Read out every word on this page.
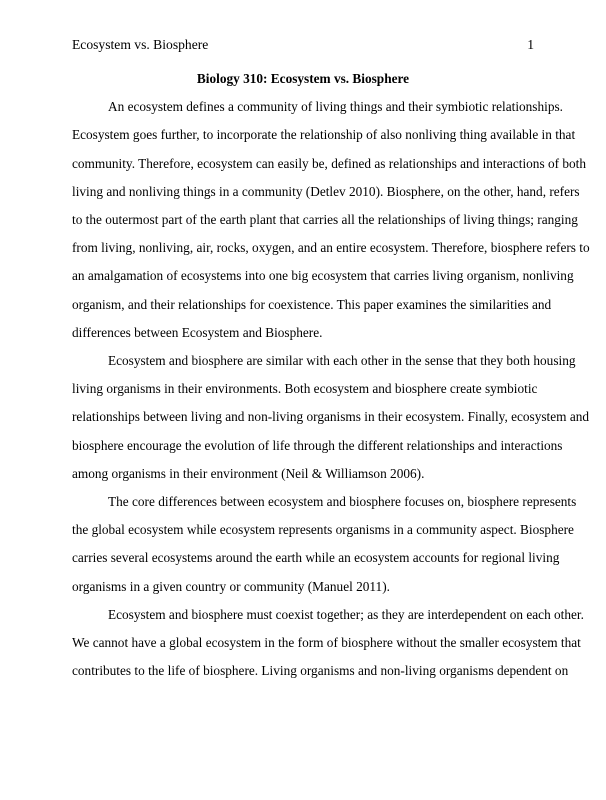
Ecosystem vs. Biosphere	1

Biology 310: Ecosystem vs. Biosphere

An ecosystem defines a community of living things and their symbiotic relationships.
Ecosystem goes further, to incorporate the relationship of also nonliving thing available in that
community. Therefore, ecosystem can easily be, defined as relationships and interactions of both
living and nonliving things in a community (Detlev 2010). Biosphere, on the other, hand, refers
to the outermost part of the earth plant that carries all the relationships of living things; ranging
from living, nonliving, air, rocks, oxygen, and an entire ecosystem. Therefore, biosphere refers to
an amalgamation of ecosystems into one big ecosystem that carries living organism, nonliving
organism, and their relationships for coexistence. This paper examines the similarities and
differences between Ecosystem and Biosphere.
Ecosystem and biosphere are similar with each other in the sense that they both housing
living organisms in their environments. Both ecosystem and biosphere create symbiotic
relationships between living and non-living organisms in their ecosystem. Finally, ecosystem and
biosphere encourage the evolution of life through the different relationships and interactions
among organisms in their environment (Neil & Williamson 2006).
The core differences between ecosystem and biosphere focuses on, biosphere represents
the global ecosystem while ecosystem represents organisms in a community aspect. Biosphere
carries several ecosystems around the earth while an ecosystem accounts for regional living
organisms in a given country or community (Manuel 2011).
Ecosystem and biosphere must coexist together; as they are interdependent on each other.
We cannot have a global ecosystem in the form of biosphere without the smaller ecosystem that
contributes to the life of biosphere. Living organisms and non-living organisms dependent on
